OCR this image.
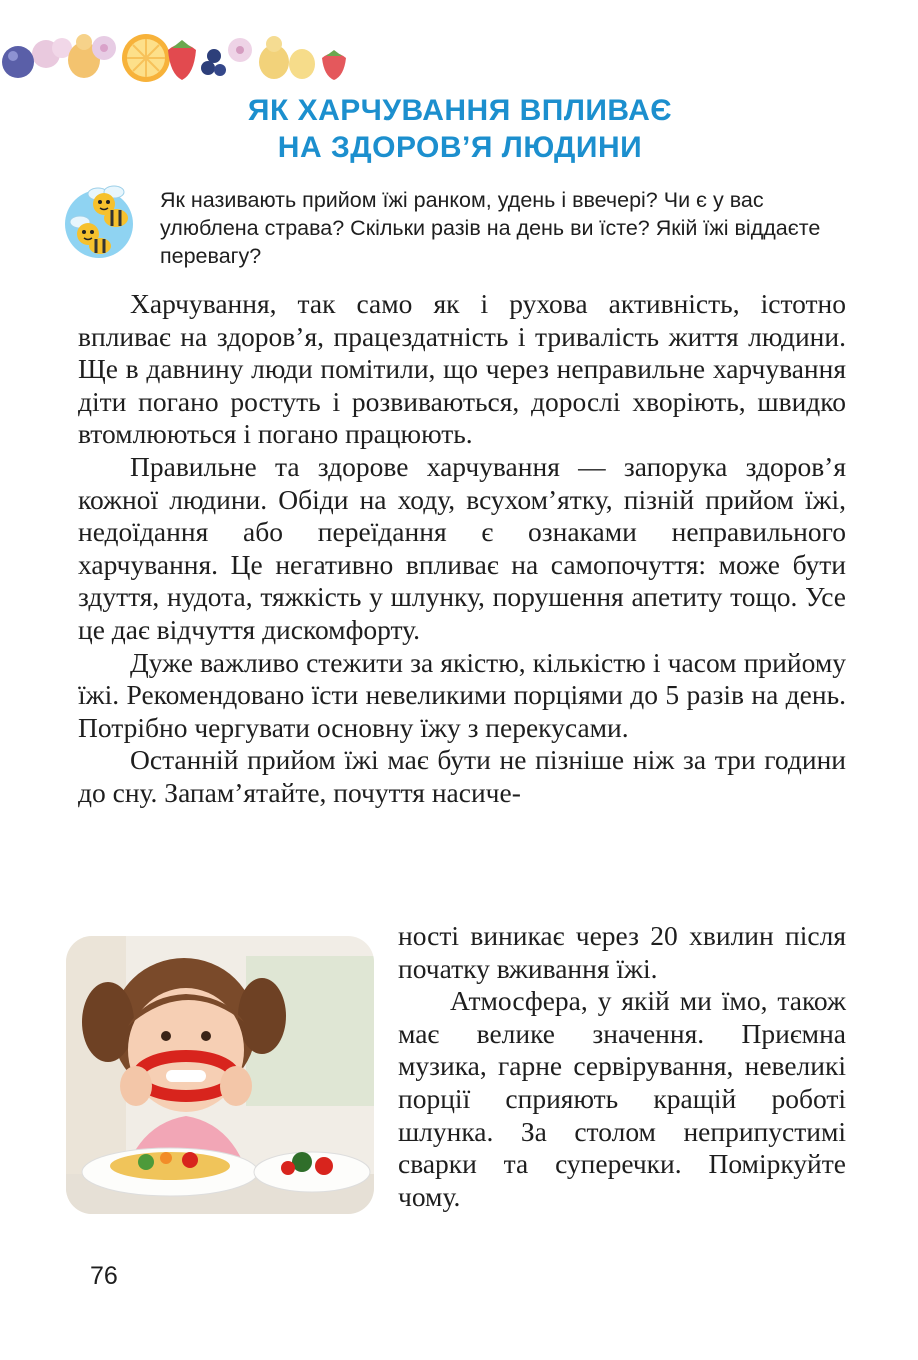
ЯК ХАРЧУВАННЯ ВПЛИВАЄ
НА ЗДОРОВ’Я ЛЮДИНИ

Як називають прийом їжі ранком, удень і ввечері? Чи є у вас улюблена страва? Скільки разів на день ви їсте? Якій їжі віддаєте перевагу?

Харчування, так само як і рухова активність, істотно впливає на здоров’я, працездатність і тривалість життя людини. Ще в давнину люди помітили, що через неправильне харчування діти погано ростуть і розвиваються, дорослі хворіють, швидко втомлюються і погано працюють.

Правильне та здорове харчування — запорука здоров’я кожної людини. Обіди на ходу, всухом’ятку, пізній прийом їжі, недоїдання або переїдання є ознаками неправильного харчування. Це негативно впливає на самопочуття: може бути здуття, нудота, тяжкість у шлунку, порушення апетиту тощо. Усе це дає відчуття дискомфорту.

Дуже важливо стежити за якістю, кількістю і часом прийому їжі. Рекомендовано їсти невеликими порціями до 5 разів на день. Потрібно чергувати основну їжу з перекусами.

Останній прийом їжі має бути не пізніше ніж за три години до сну. Запам’ятайте, почуття насиче-

ності виникає через 20 хвилин після початку вживання їжі.

Атмосфера, у якій ми їмо, також має велике значення. Приємна музика, гарне сервірування, невеликі порції сприяють кращій роботі шлунка. За столом неприпустимі сварки та суперечки. Поміркуйте чому.

76
